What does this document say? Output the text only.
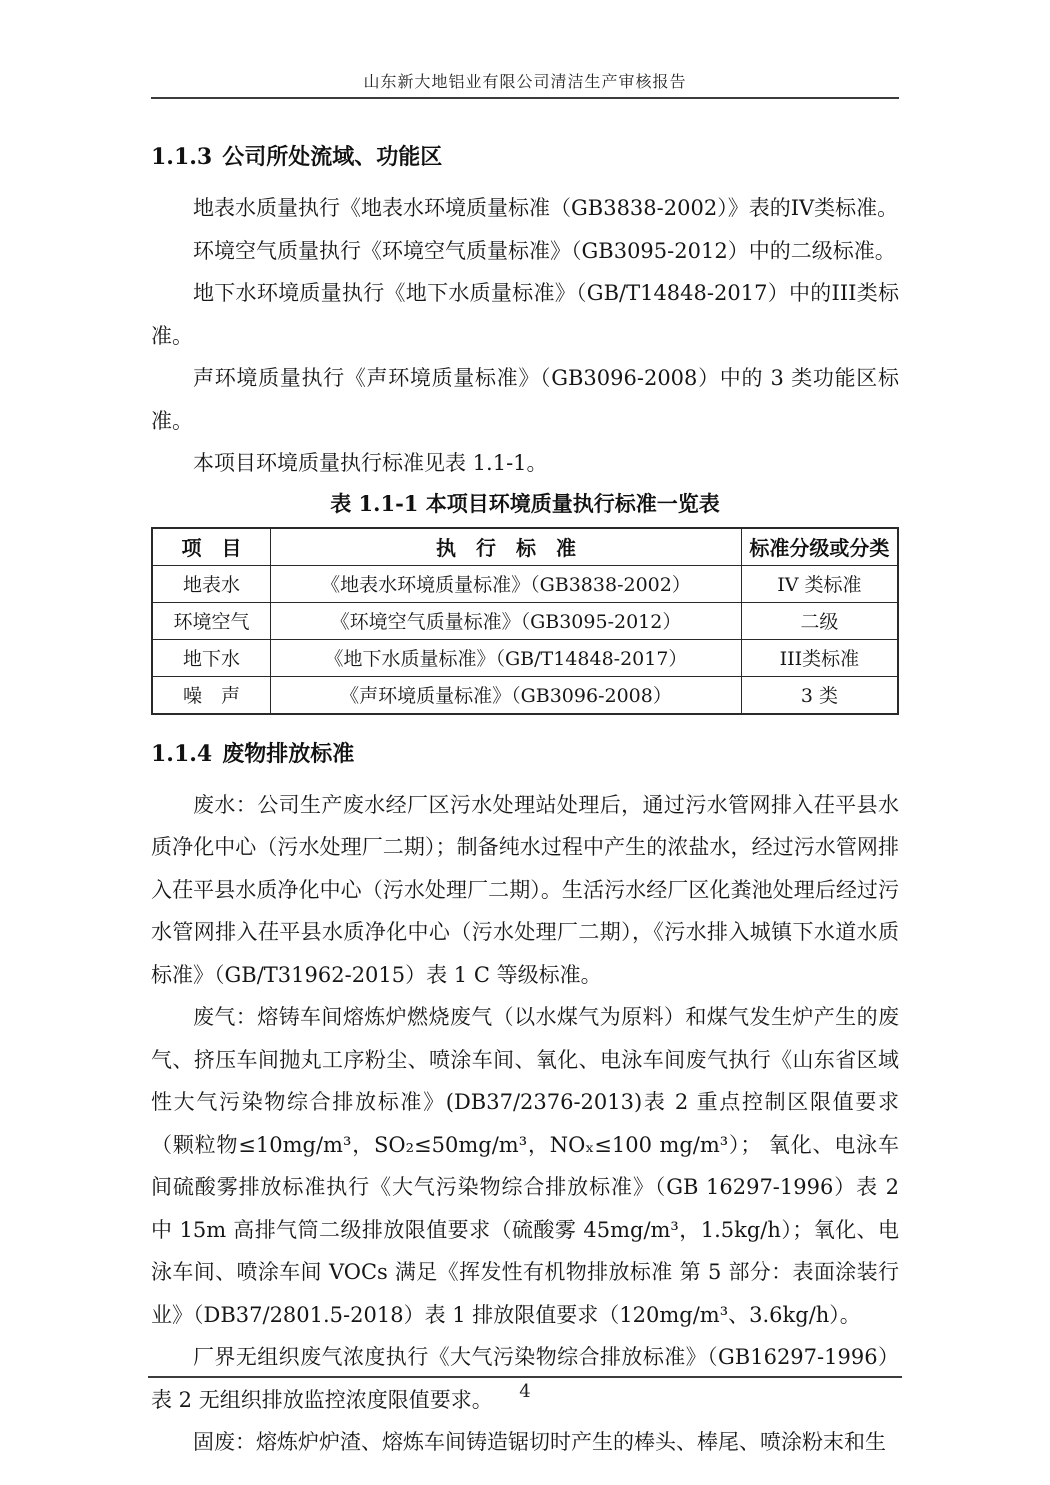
山东新大地铝业有限公司清洁生产审核报告
1.1.3 公司所处流域、功能区

地表水质量执行《地表水环境质量标准（GB3838-2002）》表的IV类标准。

环境空气质量执行《环境空气质量标准》（GB3095-2012）中的二级标准。

地下水环境质量执行《地下水质量标准》（GB/T14848-2017）中的III类标准。

声环境质量执行《声环境质量标准》（GB3096-2008）中的 3 类功能区标准。

本项目环境质量执行标准见表 1.1-1。

表 1.1-1 本项目环境质量执行标准一览表
项　目	执　行　标　准	标准分级或分类
地表水	《地表水环境质量标准》（GB3838-2002）	IV 类标准
环境空气	《环境空气质量标准》（GB3095-2012）	二级
地下水	《地下水质量标准》（GB/T14848-2017）	III类标准
噪　声	《声环境质量标准》（GB3096-2008）	3 类
1.1.4 废物排放标准

废水：公司生产废水经厂区污水处理站处理后，通过污水管网排入茌平县水质净化中心（污水处理厂二期）；制备纯水过程中产生的浓盐水，经过污水管网排入茌平县水质净化中心（污水处理厂二期）。生活污水经厂区化粪池处理后经过污水管网排入茌平县水质净化中心（污水处理厂二期），《污水排入城镇下水道水质标准》（GB/T31962-2015）表 1 C 等级标准。

废气：熔铸车间熔炼炉燃烧废气（以水煤气为原料）和煤气发生炉产生的废气、挤压车间抛丸工序粉尘、喷涂车间、氧化、电泳车间废气执行《山东省区域性大气污染物综合排放标准》(DB37/2376-2013)表 2 重点控制区限值要求（颗粒物≤10mg/m³，SO₂≤50mg/m³，NOₓ≤100 mg/m³）； 氧化、电泳车间硫酸雾排放标准执行《大气污染物综合排放标准》（GB 16297-1996）表 2 中 15m 高排气筒二级排放限值要求（硫酸雾 45mg/m³，1.5kg/h）；氧化、电泳车间、喷涂车间 VOCs 满足《挥发性有机物排放标准 第 5 部分：表面涂装行业》（DB37/2801.5-2018）表 1 排放限值要求（120mg/m³、3.6kg/h）。

厂界无组织废气浓度执行《大气污染物综合排放标准》（GB16297-1996）表 2 无组织排放监控浓度限值要求。

固废：熔炼炉炉渣、熔炼车间铸造锯切时产生的棒头、棒尾、喷涂粉末和生

4
